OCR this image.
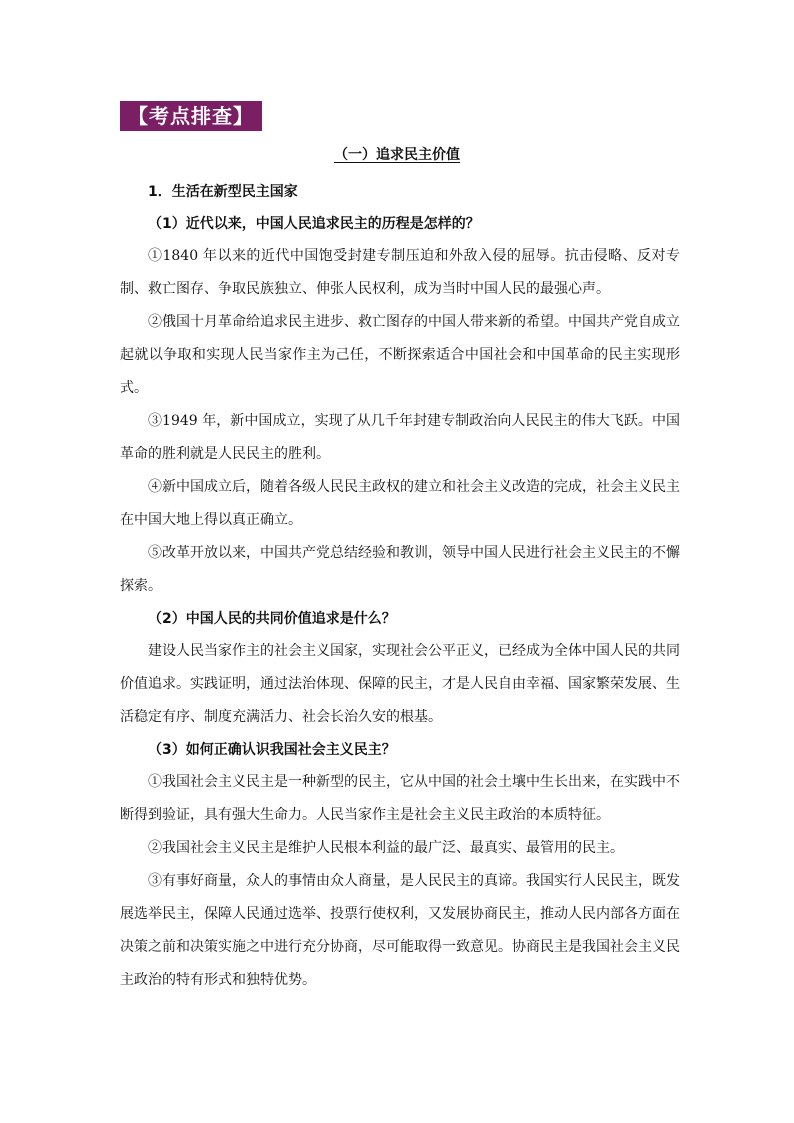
【考点排查】
（一）追求民主价值

1．生活在新型民主国家

（1）近代以来，中国人民追求民主的历程是怎样的？

①1840 年以来的近代中国饱受封建专制压迫和外敌入侵的屈辱。抗击侵略、反对专制、救亡图存、争取民族独立、伸张人民权利，成为当时中国人民的最强心声。

②俄国十月革命给追求民主进步、救亡图存的中国人带来新的希望。中国共产党自成立起就以争取和实现人民当家作主为己任，不断探索适合中国社会和中国革命的民主实现形式。

③1949 年，新中国成立，实现了从几千年封建专制政治向人民民主的伟大飞跃。中国革命的胜利就是人民民主的胜利。

④新中国成立后，随着各级人民民主政权的建立和社会主义改造的完成，社会主义民主在中国大地上得以真正确立。

⑤改革开放以来，中国共产党总结经验和教训，领导中国人民进行社会主义民主的不懈探索。

（2）中国人民的共同价值追求是什么？

建设人民当家作主的社会主义国家，实现社会公平正义，已经成为全体中国人民的共同价值追求。实践证明，通过法治体现、保障的民主，才是人民自由幸福、国家繁荣发展、生活稳定有序、制度充满活力、社会长治久安的根基。

（3）如何正确认识我国社会主义民主？

①我国社会主义民主是一种新型的民主，它从中国的社会土壤中生长出来，在实践中不断得到验证，具有强大生命力。人民当家作主是社会主义民主政治的本质特征。

②我国社会主义民主是维护人民根本利益的最广泛、最真实、最管用的民主。

③有事好商量，众人的事情由众人商量，是人民民主的真谛。我国实行人民民主，既发展选举民主，保障人民通过选举、投票行使权利，又发展协商民主，推动人民内部各方面在决策之前和决策实施之中进行充分协商，尽可能取得一致意见。协商民主是我国社会主义民主政治的特有形式和独特优势。
